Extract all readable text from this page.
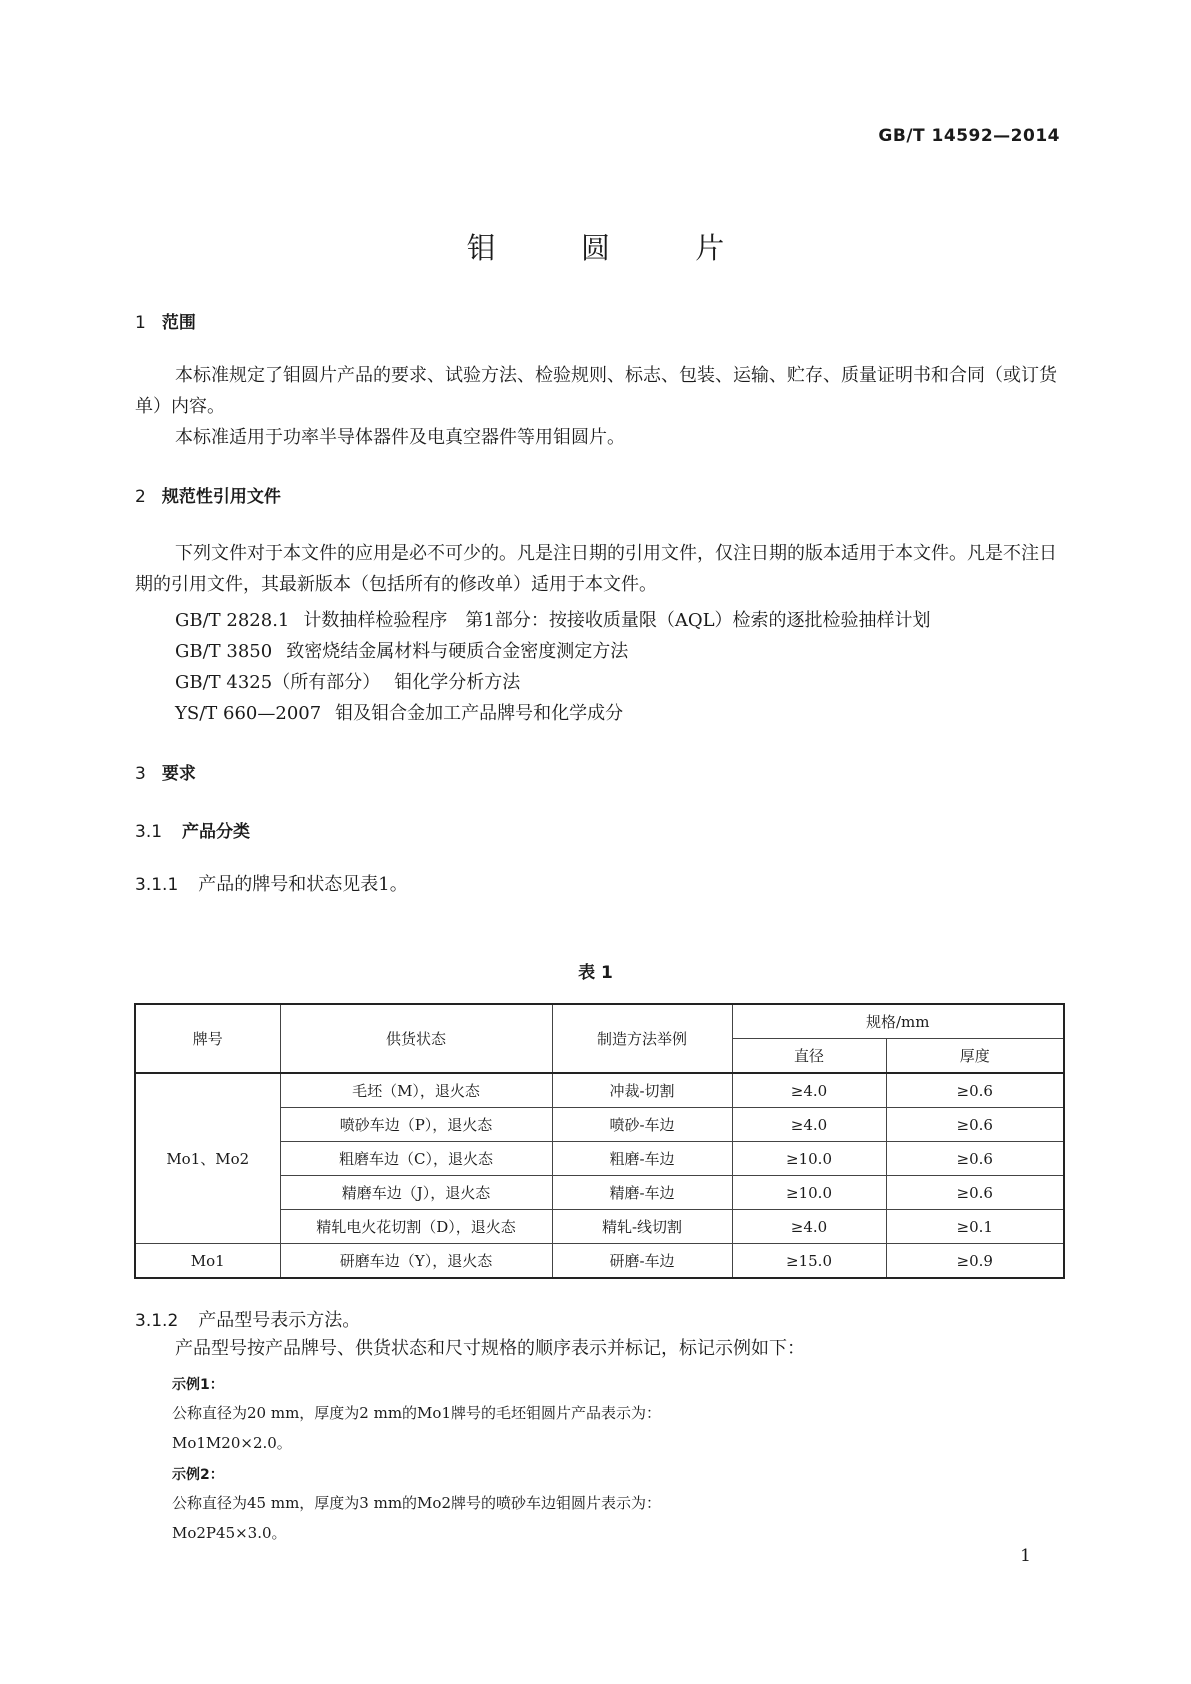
GB/T 14592—2014
钼 圆 片
1 范围
本标准规定了钼圆片产品的要求、试验方法、检验规则、标志、包装、运输、贮存、质量证明书和合同（或订货单）内容。
本标准适用于功率半导体器件及电真空器件等用钼圆片。
2 规范性引用文件
下列文件对于本文件的应用是必不可少的。凡是注日期的引用文件，仅注日期的版本适用于本文件。凡是不注日期的引用文件，其最新版本（包括所有的修改单）适用于本文件。
GB/T 2828.1 计数抽样检验程序　第1部分：按接收质量限（AQL）检索的逐批检验抽样计划
GB/T 3850 致密烧结金属材料与硬质合金密度测定方法
GB/T 4325（所有部分） 钼化学分析方法
YS/T 660—2007 钼及钼合金加工产品牌号和化学成分
3 要求
3.1 产品分类
3.1.1 产品的牌号和状态见表1。
表 1
牌号	供货状态	制造方法举例	规格/mm	
			直径	厚度
Mo1、Mo2	毛坯（M），退火态	冲裁-切割	≥4.0	≥0.6
	喷砂车边（P），退火态	喷砂-车边	≥4.0	≥0.6
	粗磨车边（C），退火态	粗磨-车边	≥10.0	≥0.6
	精磨车边（J），退火态	精磨-车边	≥10.0	≥0.6
	精轧电火花切割（D），退火态	精轧-线切割	≥4.0	≥0.1
Mo1	研磨车边（Y），退火态	研磨-车边	≥15.0	≥0.9
3.1.2 产品型号表示方法。
产品型号按产品牌号、供货状态和尺寸规格的顺序表示并标记，标记示例如下：
示例1：
公称直径为20 mm，厚度为2 mm的Mo1牌号的毛坯钼圆片产品表示为：
Mo1M20×2.0。
示例2：
公称直径为45 mm，厚度为3 mm的Mo2牌号的喷砂车边钼圆片表示为：
Mo2P45×3.0。
1
